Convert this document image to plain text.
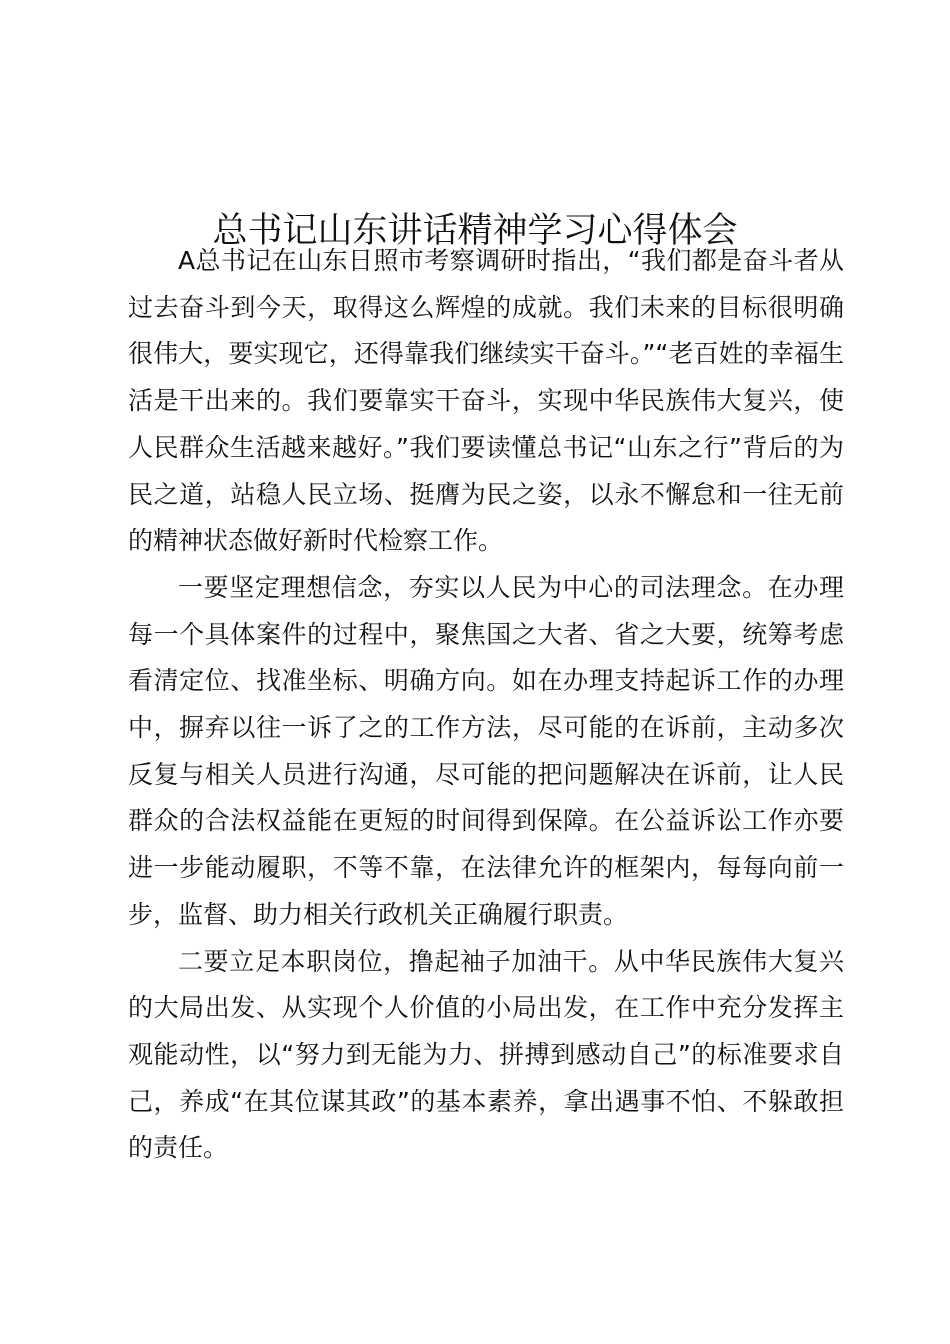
总书记山东讲话精神学习心得体会

A总书记在山东日照市考察调研时指出，“我们都是奋斗者从过去奋斗到今天，取得这么辉煌的成就。我们未来的目标很明确很伟大，要实现它，还得靠我们继续实干奋斗。”“老百姓的幸福生活是干出来的。我们要靠实干奋斗，实现中华民族伟大复兴，使人民群众生活越来越好。”我们要读懂总书记“山东之行”背后的为民之道，站稳人民立场、挺膺为民之姿，以永不懈怠和一往无前的精神状态做好新时代检察工作。

一要坚定理想信念，夯实以人民为中心的司法理念。在办理每一个具体案件的过程中，聚焦国之大者、省之大要，统筹考虑看清定位、找准坐标、明确方向。如在办理支持起诉工作的办理中，摒弃以往一诉了之的工作方法，尽可能的在诉前，主动多次反复与相关人员进行沟通，尽可能的把问题解决在诉前，让人民群众的合法权益能在更短的时间得到保障。在公益诉讼工作亦要进一步能动履职，不等不靠，在法律允许的框架内，每每向前一步，监督、助力相关行政机关正确履行职责。

二要立足本职岗位，撸起袖子加油干。从中华民族伟大复兴的大局出发、从实现个人价值的小局出发，在工作中充分发挥主观能动性，以“努力到无能为力、拼搏到感动自己”的标准要求自己，养成“在其位谋其政”的基本素养，拿出遇事不怕、不躲敢担的责任。
